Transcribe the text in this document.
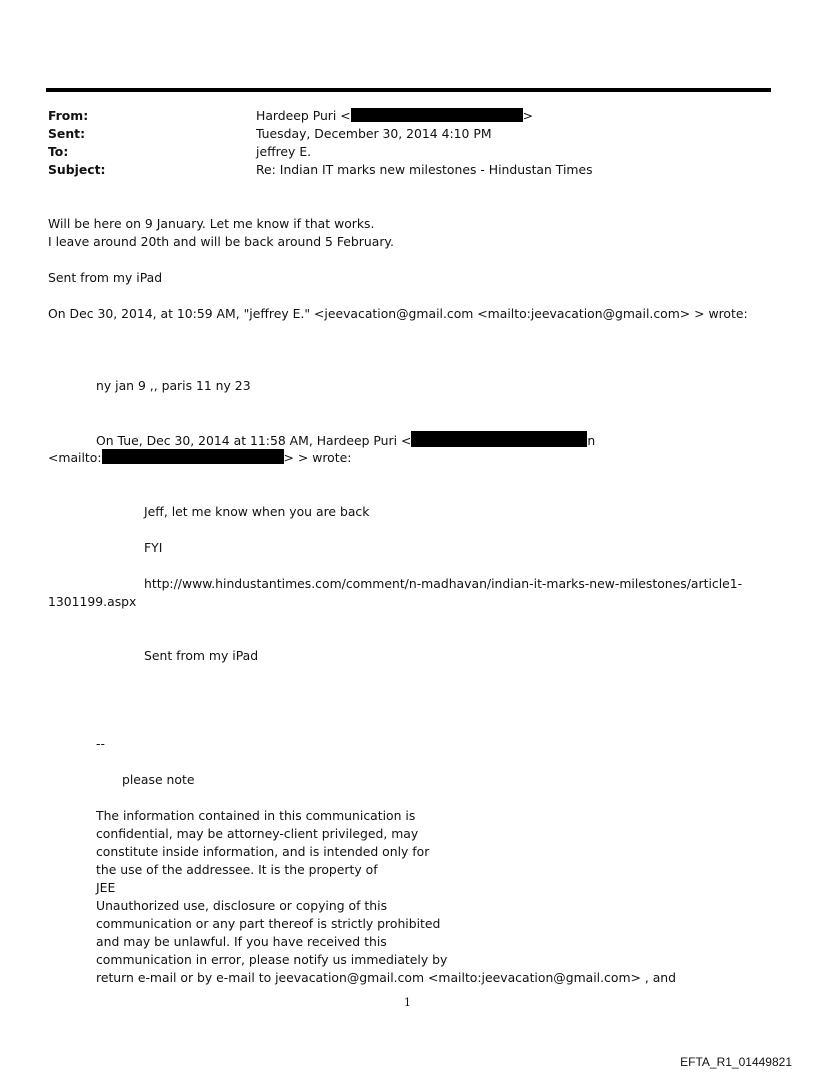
From:	Hardeep Puri <	>
Sent:	Tuesday, December 30, 2014 4:10 PM
To:	jeffrey E.
Subject:	Re: Indian IT marks new milestones - Hindustan Times
Will be here on 9 January. Let me know if that works.
I leave around 20th and will be back around 5 February.
Sent from my iPad
On Dec 30, 2014, at 10:59 AM, "jeffrey E." <jeevacation@gmail.com <mailto:jeevacation@gmail.com> > wrote:
ny jan 9 ,, paris 11 ny 23
On Tue, Dec 30, 2014 at 11:58 AM, Hardeep Puri <	n
<mailto:	> > wrote:
Jeff, let me know when you are back
FYI
http://www.hindustantimes.com/comment/n-madhavan/indian-it-marks-new-milestones/article1-
1301199.aspx
Sent from my iPad
--
please note
The information contained in this communication is
confidential, may be attorney-client privileged, may
constitute inside information, and is intended only for
the use of the addressee. It is the property of
JEE
Unauthorized use, disclosure or copying of this
communication or any part thereof is strictly prohibited
and may be unlawful. If you have received this
communication in error, please notify us immediately by
return e-mail or by e-mail to jeevacation@gmail.com <mailto:jeevacation@gmail.com> , and
1
EFTA_R1_01449821
